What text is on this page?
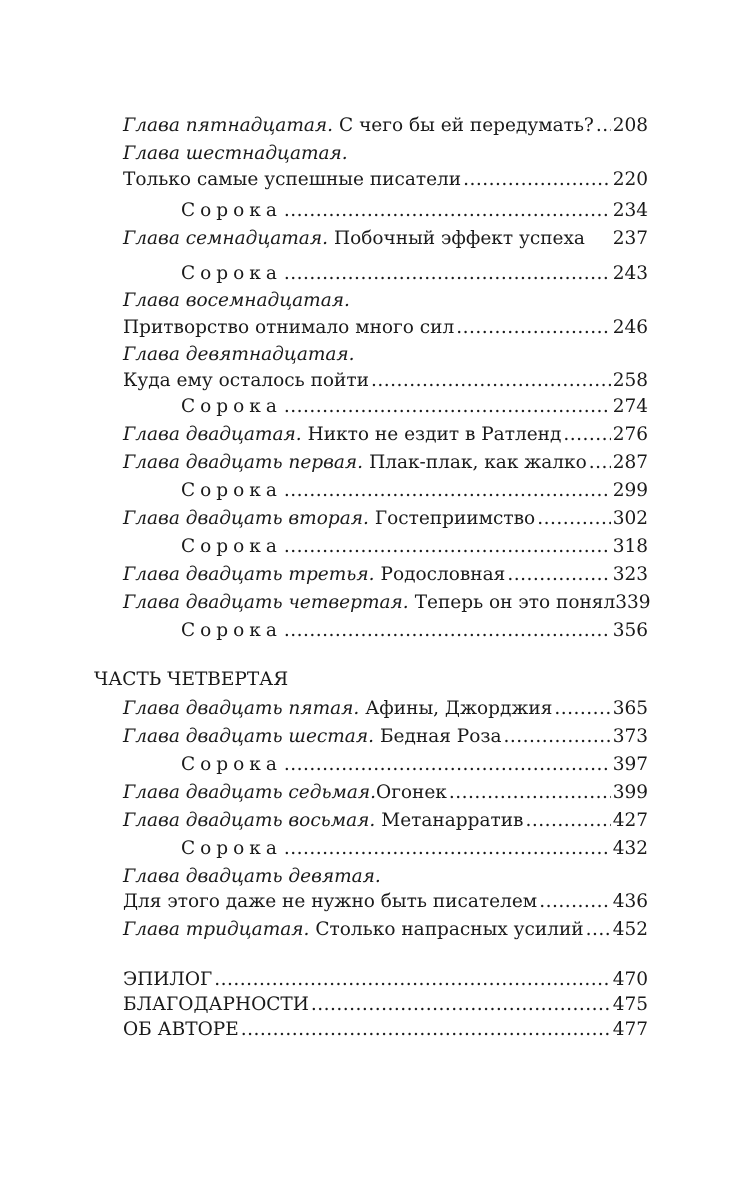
Глава пятнадцатая. С чего бы ей передумать? ..... 208
Глава шестнадцатая.
Только самые успешные писатели .....	220
Сорока .....	234
Глава семнадцатая. Побочный эффект успеха 237
Сорока .....	243
Глава восемнадцатая.
Притворство отнимало много сил .....	246
Глава девятнадцатая.
Куда ему осталось пойти .....	258
Сорока .....	274
Глава двадцатая. Никто не ездит в Ратленд .....	276
Глава двадцать первая. Плак-плак, как жалко ..... 287
Сорока .....	299
Глава двадцать вторая. Гостеприимство .....	302
Сорока .....	318
Глава двадцать третья. Родословная .....	323
Глава двадцать четвертая. Теперь он это понял 339
Сорока .....	356
ЧАСТЬ ЧЕТВЕРТАЯ
Глава двадцать пятая. Афины, Джорджия .....	365
Глава двадцать шестая. Бедная Роза .....	373
Сорока .....	397
Глава двадцать седьмая. Огонек .....	399
Глава двадцать восьмая. Метанарратив .....	427
Сорока .....	432
Глава двадцать девятая.
Для этого даже не нужно быть писателем .....	436
Глава тридцатая. Столько напрасных усилий ..... 452
ЭПИЛОГ .....	470
БЛАГОДАРНОСТИ .....	475
ОБ АВТОРЕ .....	477
